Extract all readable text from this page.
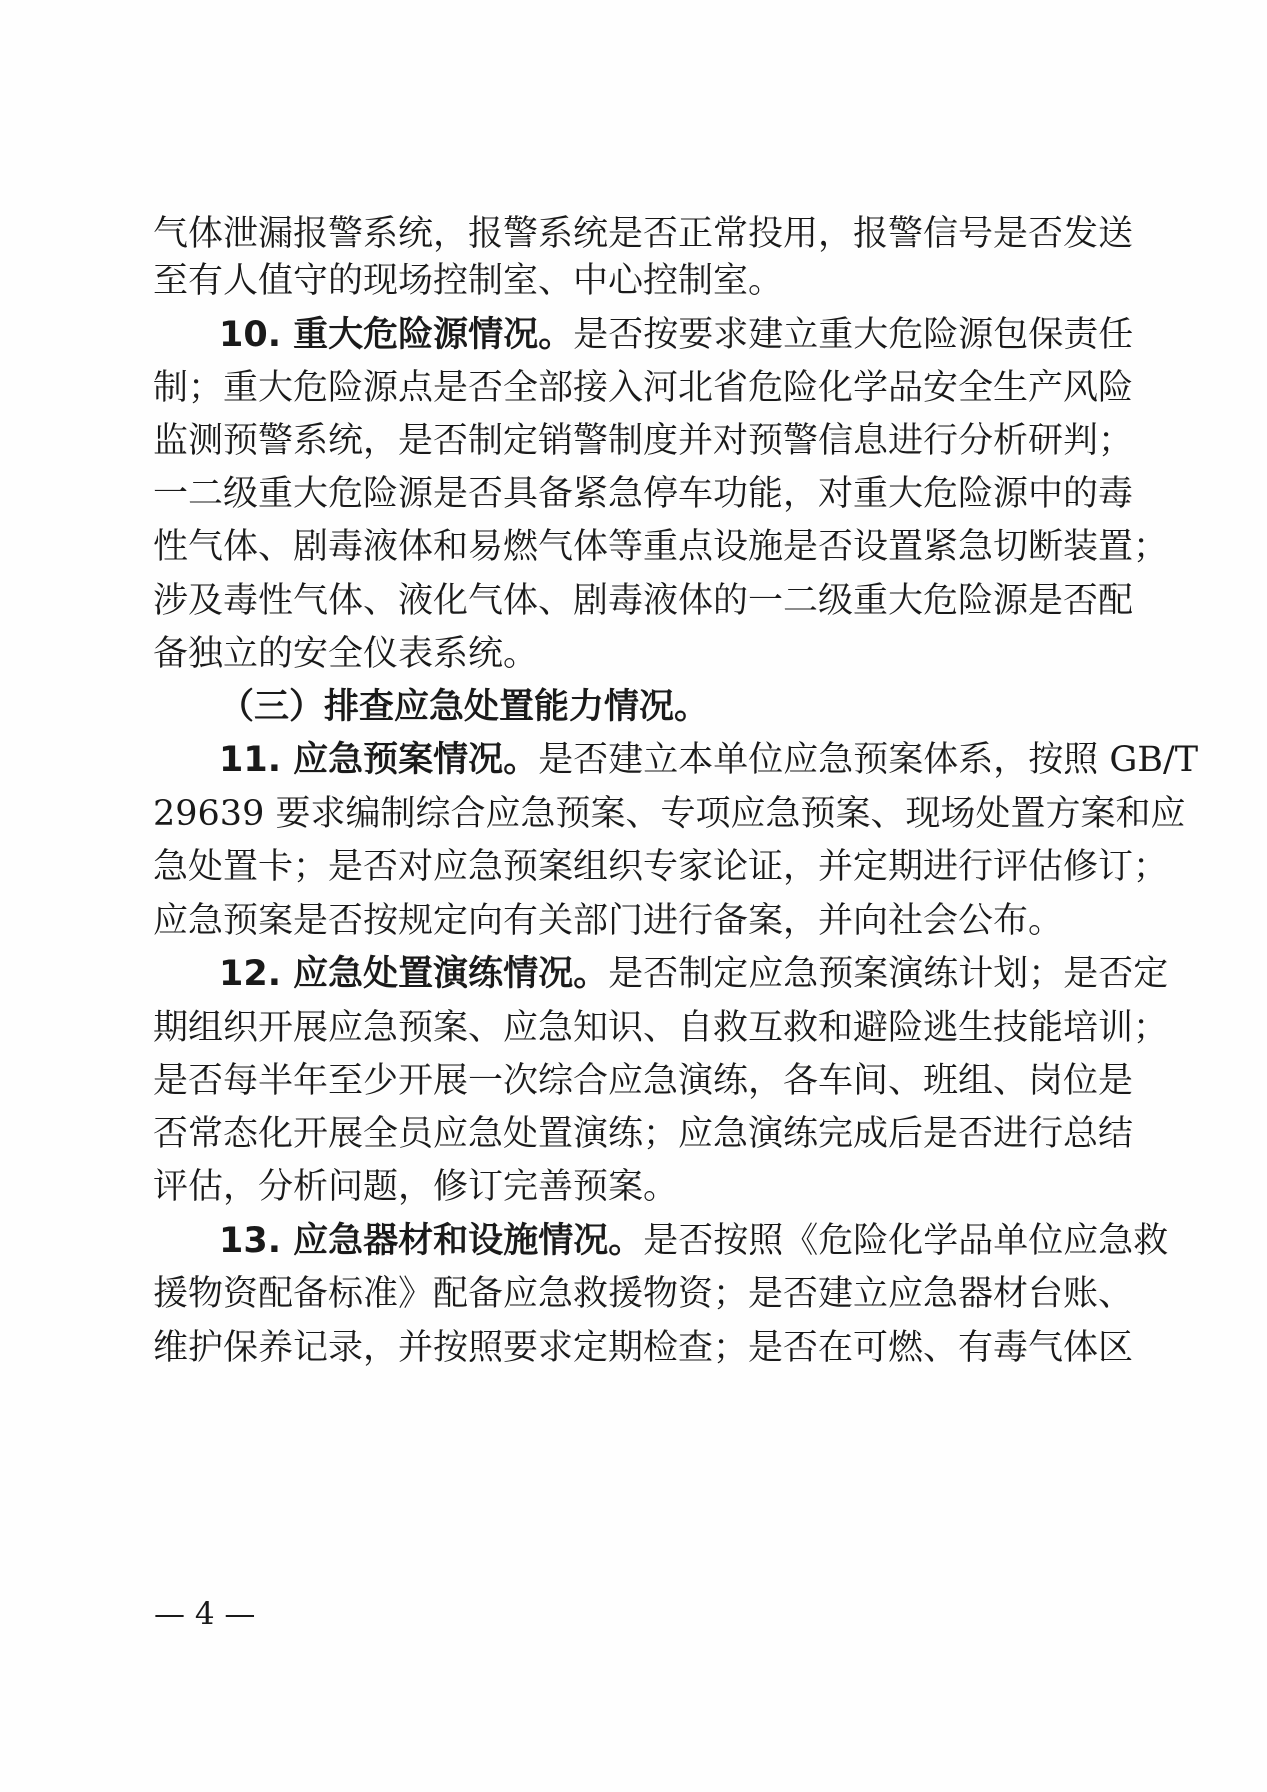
气体泄漏报警系统，报警系统是否正常投用，报警信号是否发送
至有人值守的现场控制室、中心控制室。
10. 重大危险源情况。是否按要求建立重大危险源包保责任
制；重大危险源点是否全部接入河北省危险化学品安全生产风险
监测预警系统，是否制定销警制度并对预警信息进行分析研判；
一二级重大危险源是否具备紧急停车功能，对重大危险源中的毒
性气体、剧毒液体和易燃气体等重点设施是否设置紧急切断装置；
涉及毒性气体、液化气体、剧毒液体的一二级重大危险源是否配
备独立的安全仪表系统。
（三）排查应急处置能力情况。
11. 应急预案情况。是否建立本单位应急预案体系，按照 GB/T
29639 要求编制综合应急预案、专项应急预案、现场处置方案和应
急处置卡；是否对应急预案组织专家论证，并定期进行评估修订；
应急预案是否按规定向有关部门进行备案，并向社会公布。
12. 应急处置演练情况。是否制定应急预案演练计划；是否定
期组织开展应急预案、应急知识、自救互救和避险逃生技能培训；
是否每半年至少开展一次综合应急演练，各车间、班组、岗位是
否常态化开展全员应急处置演练；应急演练完成后是否进行总结
评估，分析问题，修订完善预案。
13. 应急器材和设施情况。是否按照《危险化学品单位应急救
援物资配备标准》配备应急救援物资；是否建立应急器材台账、
维护保养记录，并按照要求定期检查；是否在可燃、有毒气体区
— 4 —
